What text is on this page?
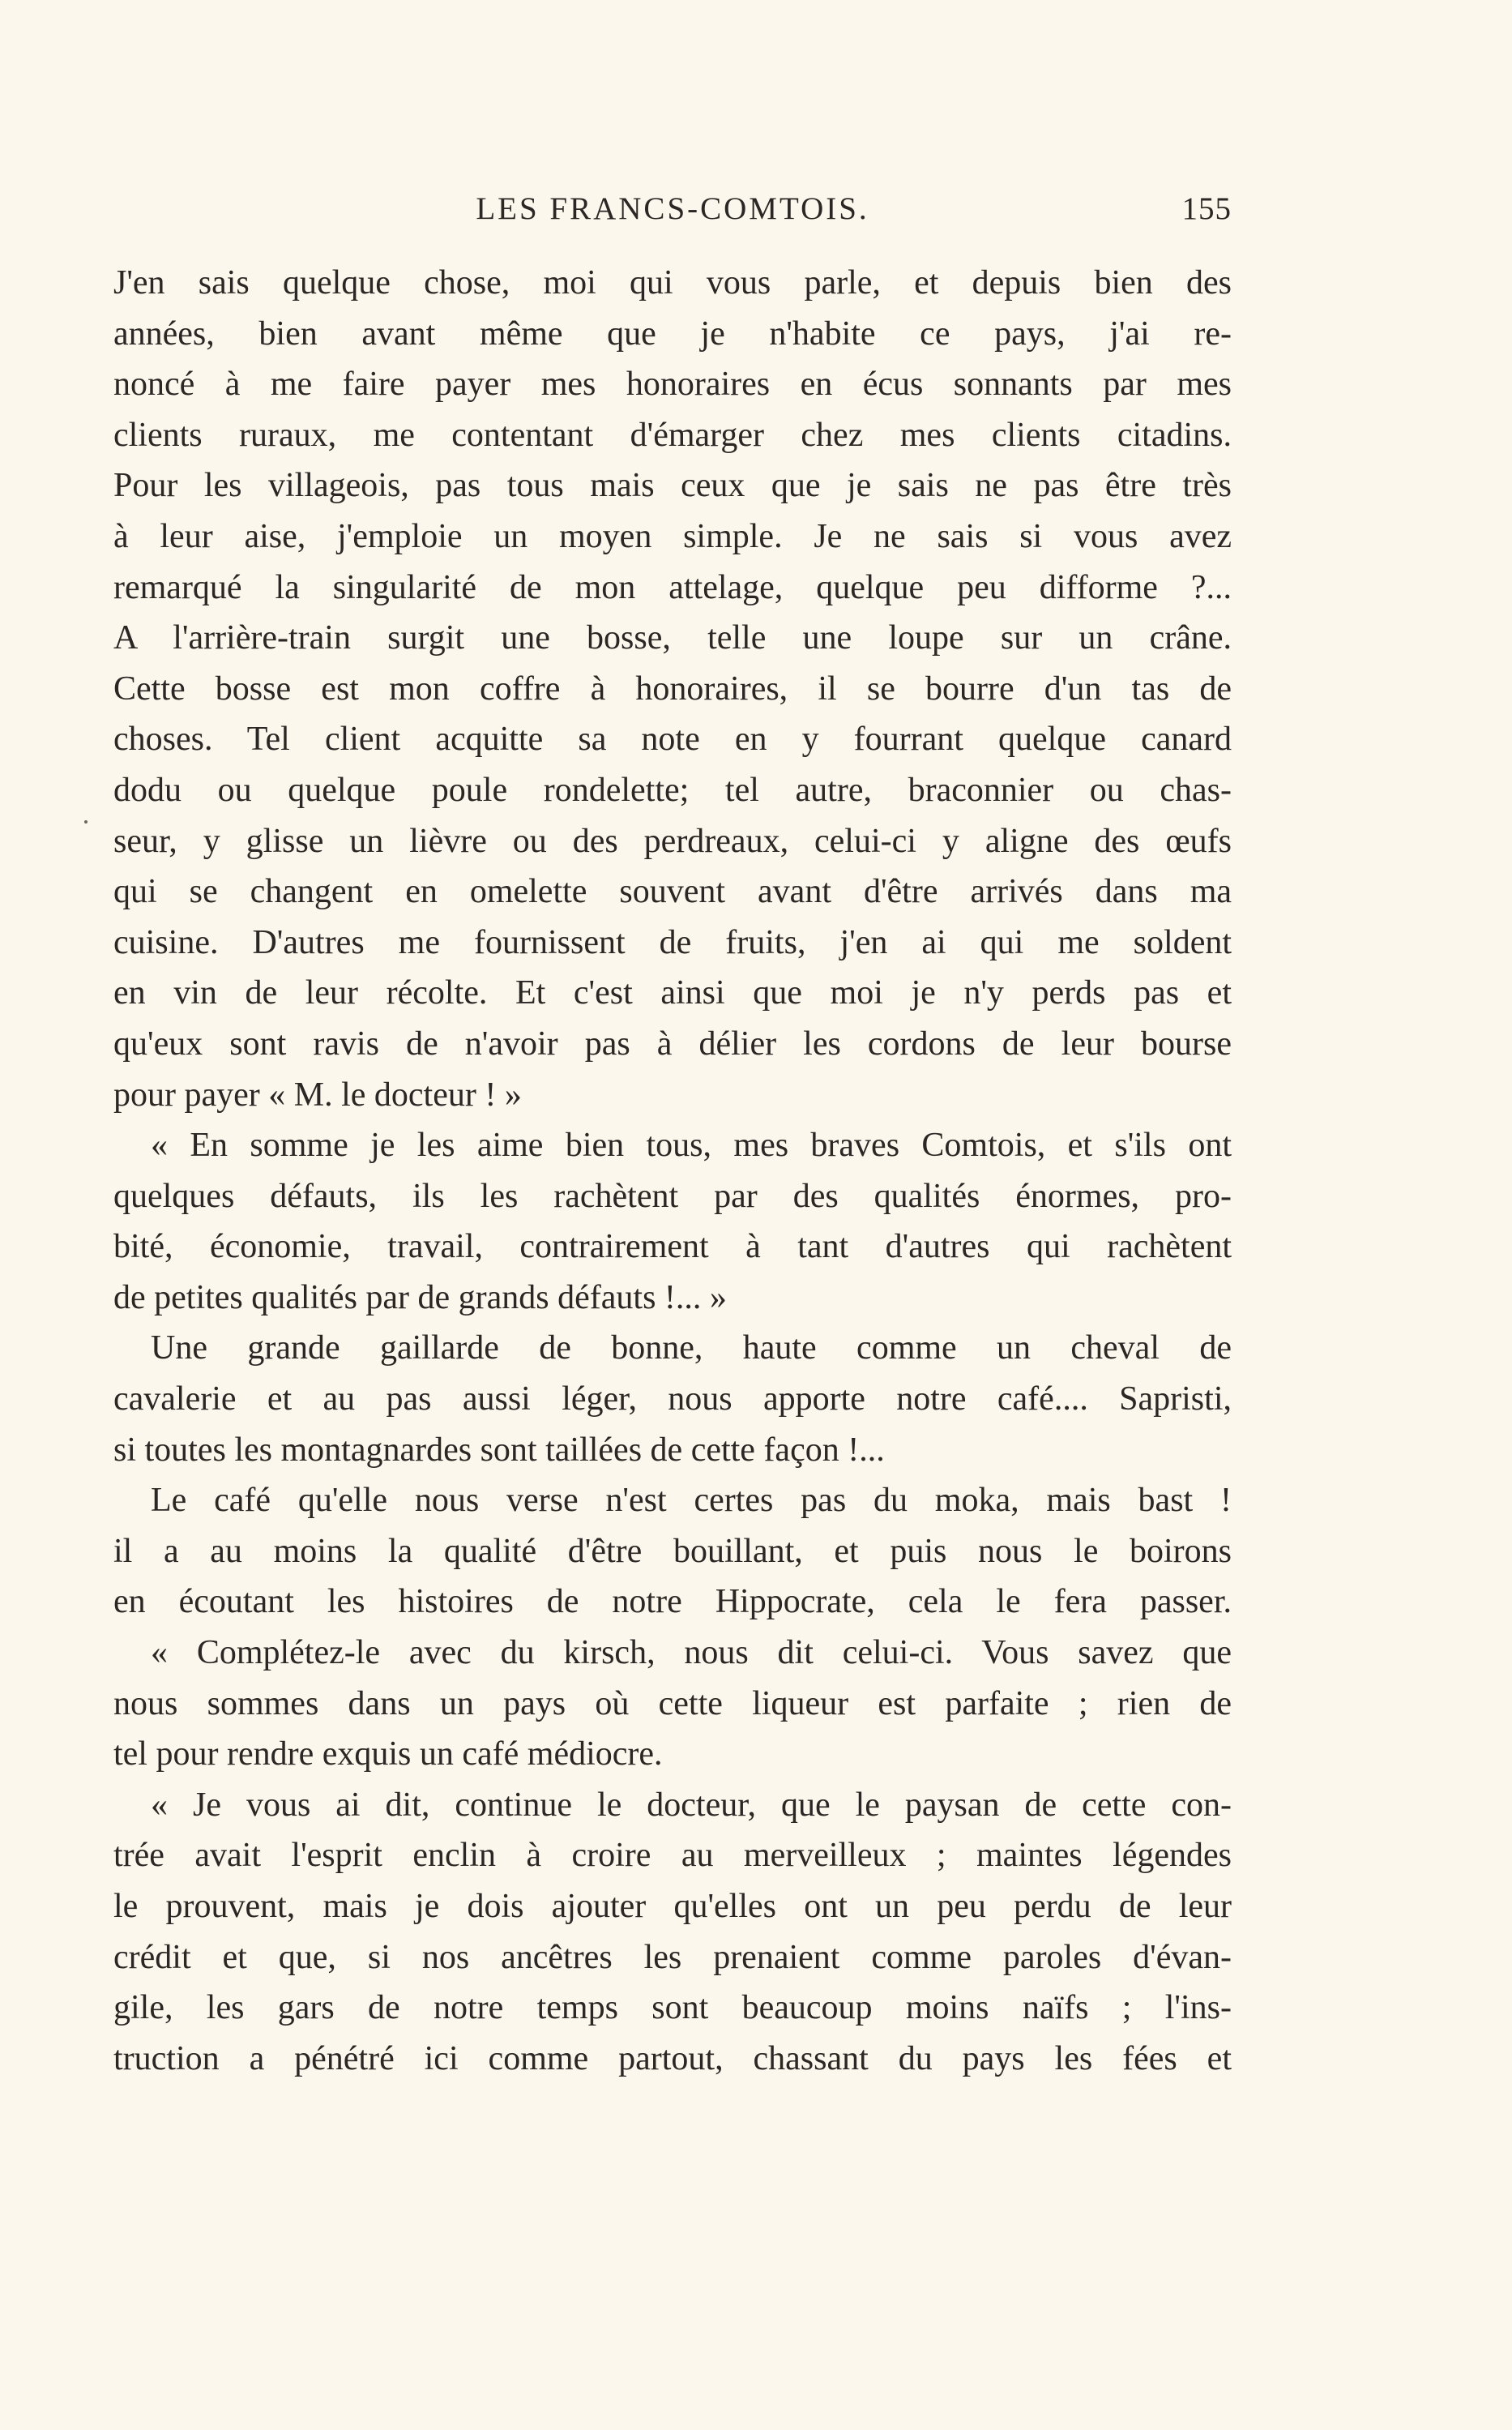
LES FRANCS-COMTOIS.	155
J'en sais quelque chose, moi qui vous parle, et depuis bien des
années, bien avant même que je n'habite ce pays, j'ai re-
noncé à me faire payer mes honoraires en écus sonnants par mes
clients ruraux, me contentant d'émarger chez mes clients citadins.
Pour les villageois, pas tous mais ceux que je sais ne pas être très
à leur aise, j'emploie un moyen simple. Je ne sais si vous avez
remarqué la singularité de mon attelage, quelque peu difforme ?...
A l'arrière-train surgit une bosse, telle une loupe sur un crâne.
Cette bosse est mon coffre à honoraires, il se bourre d'un tas de
choses. Tel client acquitte sa note en y fourrant quelque canard
dodu ou quelque poule rondelette; tel autre, braconnier ou chas-
seur, y glisse un lièvre ou des perdreaux, celui-ci y aligne des œufs
qui se changent en omelette souvent avant d'être arrivés dans ma
cuisine. D'autres me fournissent de fruits, j'en ai qui me soldent
en vin de leur récolte. Et c'est ainsi que moi je n'y perds pas et
qu'eux sont ravis de n'avoir pas à délier les cordons de leur bourse
pour payer « M. le docteur ! »
« En somme je les aime bien tous, mes braves Comtois, et s'ils ont
quelques défauts, ils les rachètent par des qualités énormes, pro-
bité, économie, travail, contrairement à tant d'autres qui rachètent
de petites qualités par de grands défauts !... »
Une grande gaillarde de bonne, haute comme un cheval de
cavalerie et au pas aussi léger, nous apporte notre café.... Sapristi,
si toutes les montagnardes sont taillées de cette façon !...
Le café qu'elle nous verse n'est certes pas du moka, mais bast !
il a au moins la qualité d'être bouillant, et puis nous le boirons
en écoutant les histoires de notre Hippocrate, cela le fera passer.
« Complétez-le avec du kirsch, nous dit celui-ci. Vous savez que
nous sommes dans un pays où cette liqueur est parfaite ; rien de
tel pour rendre exquis un café médiocre.
« Je vous ai dit, continue le docteur, que le paysan de cette con-
trée avait l'esprit enclin à croire au merveilleux ; maintes légendes
le prouvent, mais je dois ajouter qu'elles ont un peu perdu de leur
crédit et que, si nos ancêtres les prenaient comme paroles d'évan-
gile, les gars de notre temps sont beaucoup moins naïfs ; l'ins-
truction a pénétré ici comme partout, chassant du pays les fées et
